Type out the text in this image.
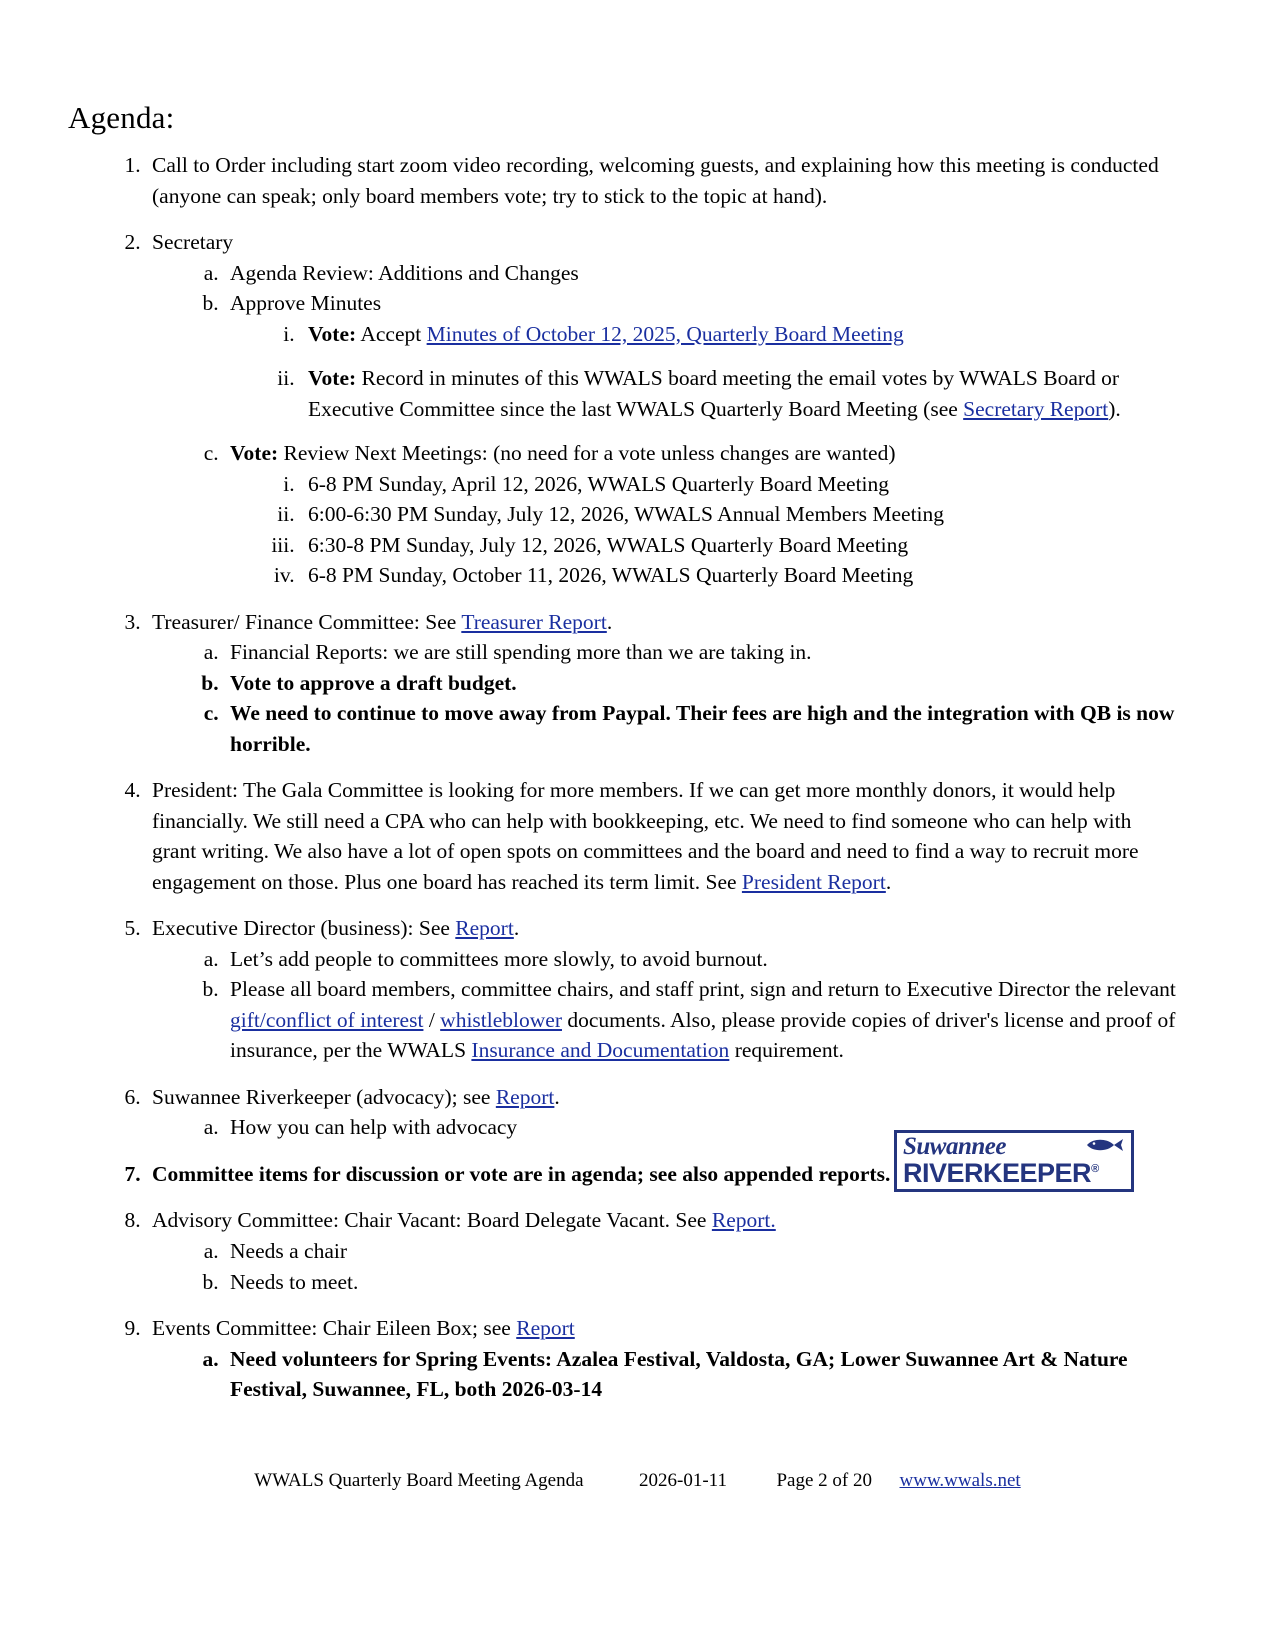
Agenda:
1. Call to Order including start zoom video recording, welcoming guests, and explaining how this meeting is conducted (anyone can speak; only board members vote; try to stick to the topic at hand).
2. Secretary
a. Agenda Review: Additions and Changes
b. Approve Minutes
i. Vote: Accept Minutes of October 12, 2025, Quarterly Board Meeting
ii. Vote: Record in minutes of this WWALS board meeting the email votes by WWALS Board or Executive Committee since the last WWALS Quarterly Board Meeting (see Secretary Report).
c. Vote: Review Next Meetings: (no need for a vote unless changes are wanted)
i. 6-8 PM Sunday, April 12, 2026, WWALS Quarterly Board Meeting
ii. 6:00-6:30 PM Sunday, July 12, 2026, WWALS Annual Members Meeting
iii. 6:30-8 PM Sunday, July 12, 2026, WWALS Quarterly Board Meeting
iv. 6-8 PM Sunday, October 11, 2026, WWALS Quarterly Board Meeting
3. Treasurer/ Finance Committee: See Treasurer Report.
a. Financial Reports: we are still spending more than we are taking in.
b. Vote to approve a draft budget.
c. We need to continue to move away from Paypal. Their fees are high and the integration with QB is now horrible.
4. President: The Gala Committee is looking for more members. If we can get more monthly donors, it would help financially. We still need a CPA who can help with bookkeeping, etc. We need to find someone who can help with grant writing. We also have a lot of open spots on committees and the board and need to find a way to recruit more engagement on those. Plus one board has reached its term limit. See President Report.
5. Executive Director (business): See Report.
a. Let’s add people to committees more slowly, to avoid burnout.
b. Please all board members, committee chairs, and staff print, sign and return to Executive Director the relevant gift/conflict of interest / whistleblower documents. Also, please provide copies of driver's license and proof of insurance, per the WWALS Insurance and Documentation requirement.
6. Suwannee Riverkeeper (advocacy); see Report.
a. How you can help with advocacy
7. Committee items for discussion or vote are in agenda; see also appended reports.
8. Advisory Committee: Chair Vacant: Board Delegate Vacant. See Report.
a. Needs a chair
b. Needs to meet.
9. Events Committee: Chair Eileen Box; see Report
a. Need volunteers for Spring Events: Azalea Festival, Valdosta, GA; Lower Suwannee Art & Nature Festival, Suwannee, FL, both 2026-03-14
Suwannee
RIVERKEEPER®
WWALS Quarterly Board Meeting Agenda	2026-01-11	Page 2 of 20 www.wwals.net
